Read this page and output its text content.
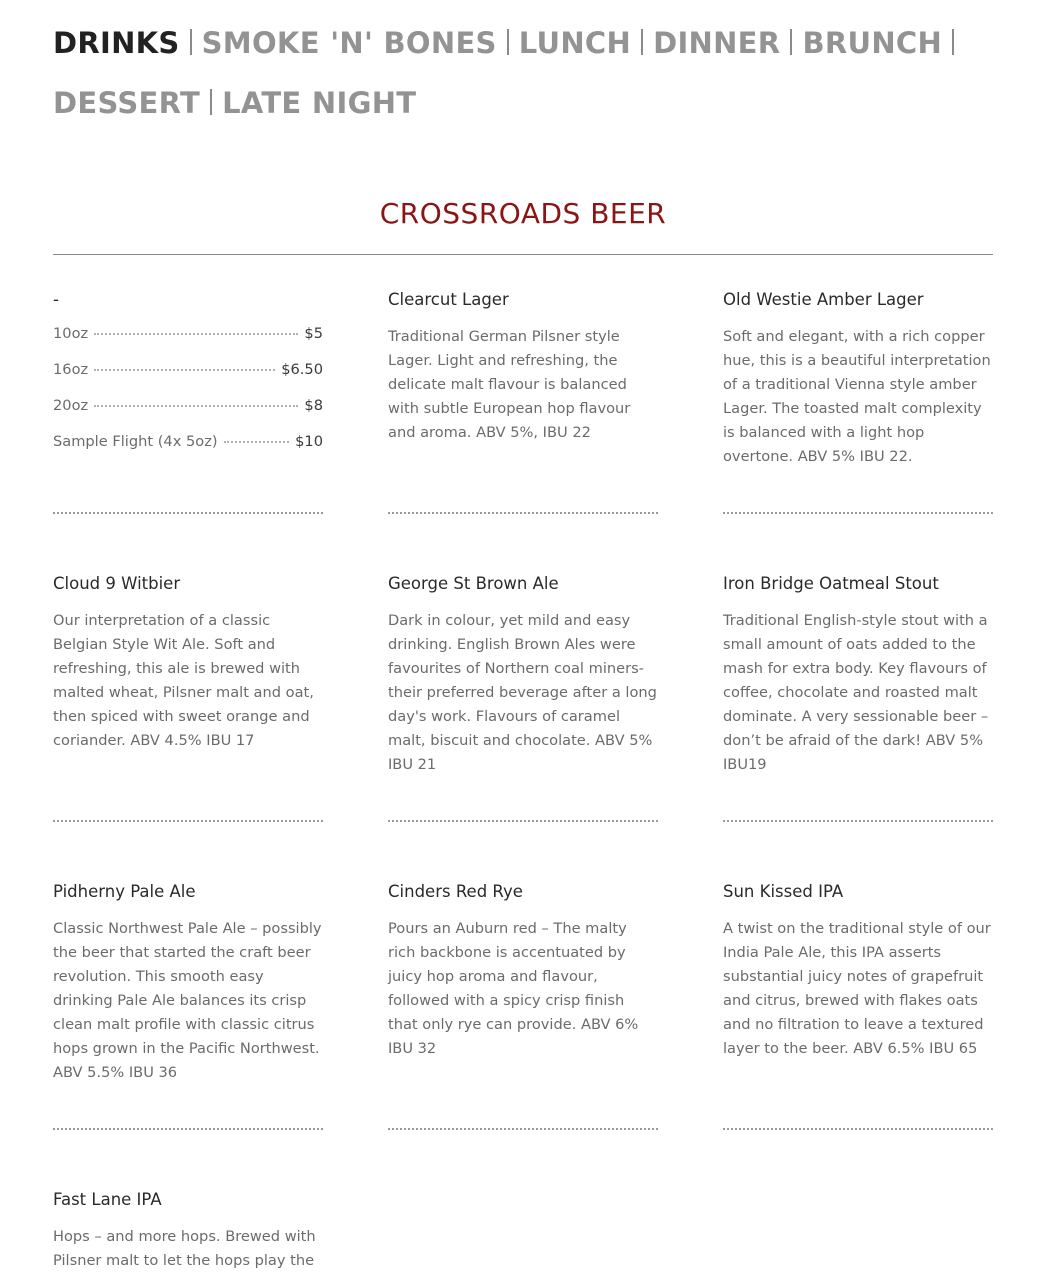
DRINKS SMOKE 'N' BONES LUNCH DINNER BRUNCH
DESSERT LATE NIGHT
CROSSROADS BEER
-
10oz	$5
16oz	$6.50
20oz	$8
Sample Flight (4x 5oz)	$10
Clearcut Lager

Traditional German Pilsner style Lager. Light and refreshing, the delicate malt flavour is balanced with subtle European hop flavour and aroma. ABV 5%, IBU 22

Old Westie Amber Lager

Soft and elegant, with a rich copper hue, this is a beautiful interpretation of a traditional Vienna style amber Lager. The toasted malt complexity is balanced with a light hop overtone. ABV 5% IBU 22.

Cloud 9 Witbier

Our interpretation of a classic Belgian Style Wit Ale. Soft and refreshing, this ale is brewed with malted wheat, Pilsner malt and oat, then spiced with sweet orange and coriander. ABV 4.5% IBU 17

George St Brown Ale

Dark in colour, yet mild and easy drinking. English Brown Ales were favourites of Northern coal miners- their preferred beverage after a long day's work. Flavours of caramel malt, biscuit and chocolate. ABV 5% IBU 21

Iron Bridge Oatmeal Stout

Traditional English-style stout with a small amount of oats added to the mash for extra body. Key flavours of coffee, chocolate and roasted malt dominate. A very sessionable beer – don’t be afraid of the dark! ABV 5% IBU19

Pidherny Pale Ale

Classic Northwest Pale Ale – possibly the beer that started the craft beer revolution. This smooth easy drinking Pale Ale balances its crisp clean malt profile with classic citrus hops grown in the Pacific Northwest. ABV 5.5% IBU 36

Cinders Red Rye

Pours an Auburn red – The malty rich backbone is accentuated by juicy hop aroma and flavour, followed with a spicy crisp finish that only rye can provide. ABV 6% IBU 32

Sun Kissed IPA

A twist on the traditional style of our India Pale Ale, this IPA asserts substantial juicy notes of grapefruit and citrus, brewed with flakes oats and no filtration to leave a textured layer to the beer. ABV 6.5% IBU 65

Fast Lane IPA

Hops – and more hops. Brewed with Pilsner malt to let the hops play the
